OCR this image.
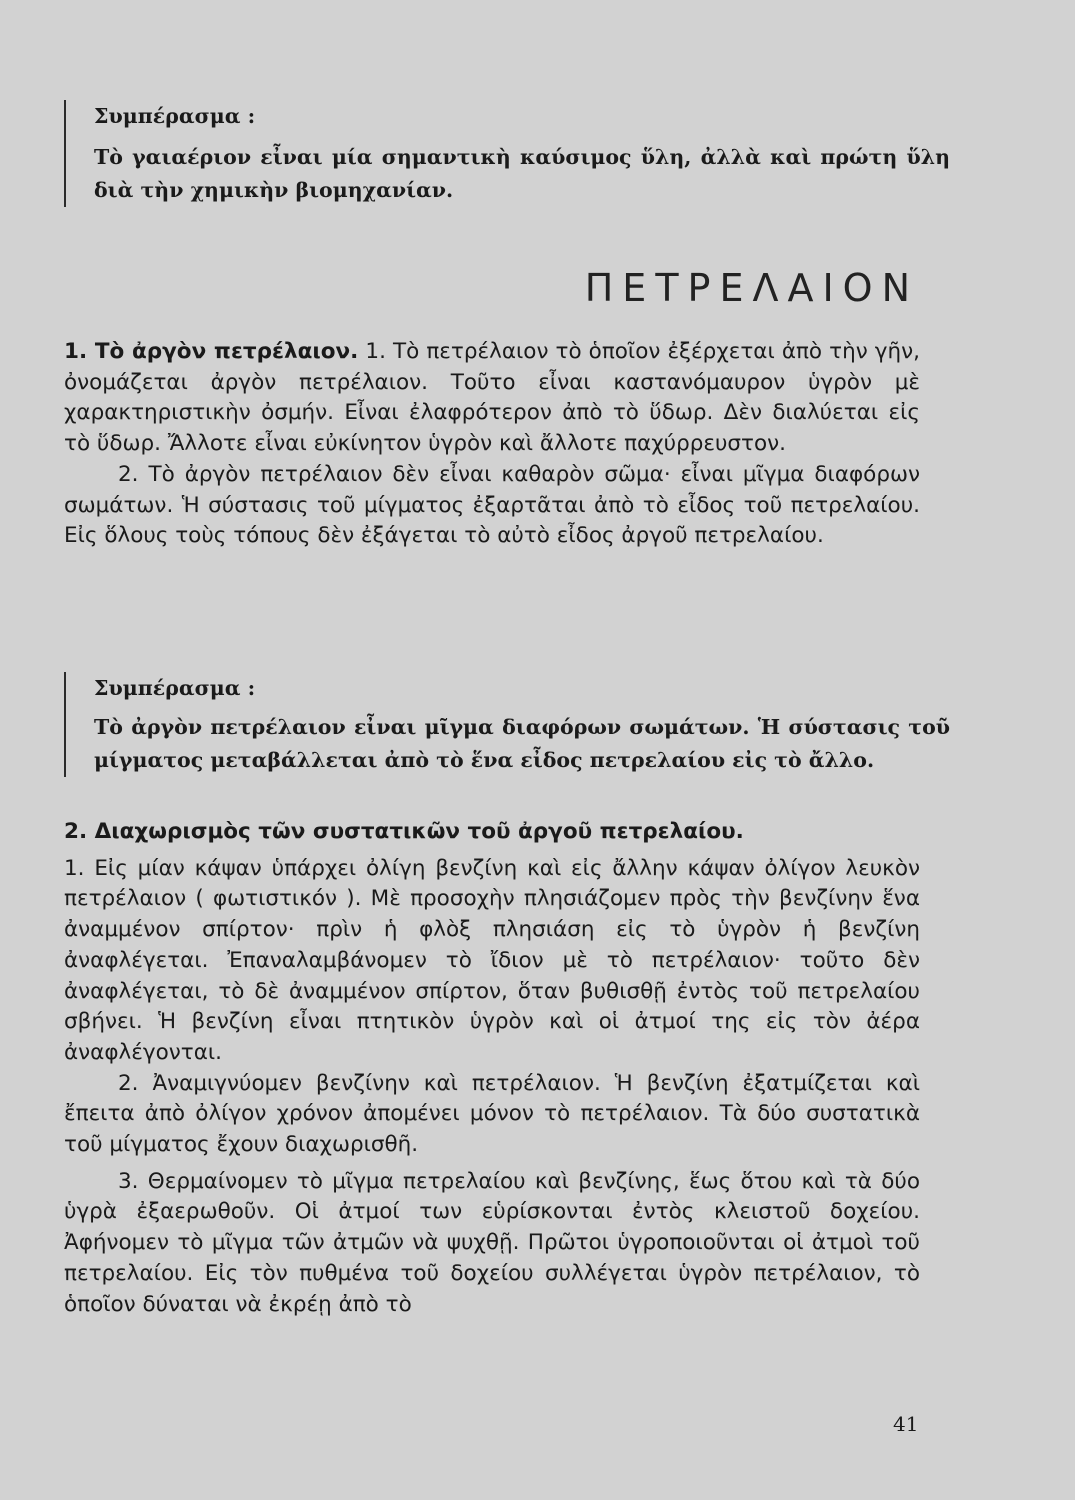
Συμπέρασμα :

Τὸ γαιαέριον εἶναι μία σημαντικὴ καύσιμος ὕλη, ἀλλὰ καὶ πρώτη ὕλη διὰ τὴν χημικὴν βιομηχανίαν.

ΠΕΤΡΕΛΑΙΟΝ

1. Τὸ ἀργὸν πετρέλαιον. 1. Τὸ πετρέλαιον τὸ ὁποῖον ἐξέρχεται ἀπὸ τὴν γῆν, ὀνομάζεται ἀργὸν πετρέλαιον. Τοῦτο εἶναι καστανόμαυρον ὑγρὸν μὲ χαρακτηριστικὴν ὀσμήν. Εἶναι ἐλαφρότερον ἀπὸ τὸ ὕδωρ. Δὲν διαλύεται εἰς τὸ ὕδωρ. Ἄλλοτε εἶναι εὐκίνητον ὑγρὸν καὶ ἄλλοτε παχύρρευστον.

2. Τὸ ἀργὸν πετρέλαιον δὲν εἶναι καθαρὸν σῶμα· εἶναι μῖγμα διαφόρων σωμάτων. Ἡ σύστασις τοῦ μίγματος ἐξαρτᾶται ἀπὸ τὸ εἶδος τοῦ πετρελαίου. Εἰς ὅλους τοὺς τόπους δὲν ἐξάγεται τὸ αὐτὸ εἶδος ἀργοῦ πετρελαίου.

Συμπέρασμα :

Τὸ ἀργὸν πετρέλαιον εἶναι μῖγμα διαφόρων σωμάτων. Ἡ σύστασις τοῦ μίγματος μεταβάλλεται ἀπὸ τὸ ἕνα εἶδος πετρελαίου εἰς τὸ ἄλλο.

2. Διαχωρισμὸς τῶν συστατικῶν τοῦ ἀργοῦ πετρελαίου.

1. Εἰς μίαν κάψαν ὑπάρχει ὀλίγη βενζίνη καὶ εἰς ἄλλην κάψαν ὀλίγον λευκὸν πετρέλαιον ( φωτιστικόν ). Μὲ προσοχὴν πλησιάζομεν πρὸς τὴν βενζίνην ἕνα ἀναμμένον σπίρτον· πρὶν ἡ φλὸξ πλησιάση εἰς τὸ ὑγρὸν ἡ βενζίνη ἀναφλέγεται. Ἐπαναλαμβάνομεν τὸ ἴδιον μὲ τὸ πετρέλαιον· τοῦτο δὲν ἀναφλέγεται, τὸ δὲ ἀναμμένον σπίρτον, ὅταν βυθισθῇ ἐντὸς τοῦ πετρελαίου σβήνει. Ἡ βενζίνη εἶναι πτητικὸν ὑγρὸν καὶ οἱ ἀτμοί της εἰς τὸν ἀέρα ἀναφλέγονται.

2. Ἀναμιγνύομεν βενζίνην καὶ πετρέλαιον. Ἡ βενζίνη ἐξατμίζεται καὶ ἔπειτα ἀπὸ ὀλίγον χρόνον ἀπομένει μόνον τὸ πετρέλαιον. Τὰ δύο συστατικὰ τοῦ μίγματος ἔχουν διαχωρισθῆ.

3. Θερμαίνομεν τὸ μῖγμα πετρελαίου καὶ βενζίνης, ἕως ὅτου καὶ τὰ δύο ὑγρὰ ἐξαερωθοῦν. Οἱ ἀτμοί των εὑρίσκονται ἐντὸς κλειστοῦ δοχείου. Ἀφήνομεν τὸ μῖγμα τῶν ἀτμῶν νὰ ψυχθῇ. Πρῶτοι ὑγροποιοῦνται οἱ ἀτμοὶ τοῦ πετρελαίου. Εἰς τὸν πυθμένα τοῦ δοχείου συλλέγεται ὑγρὸν πετρέλαιον, τὸ ὁποῖον δύναται νὰ ἐκρέῃ ἀπὸ τὸ

41
